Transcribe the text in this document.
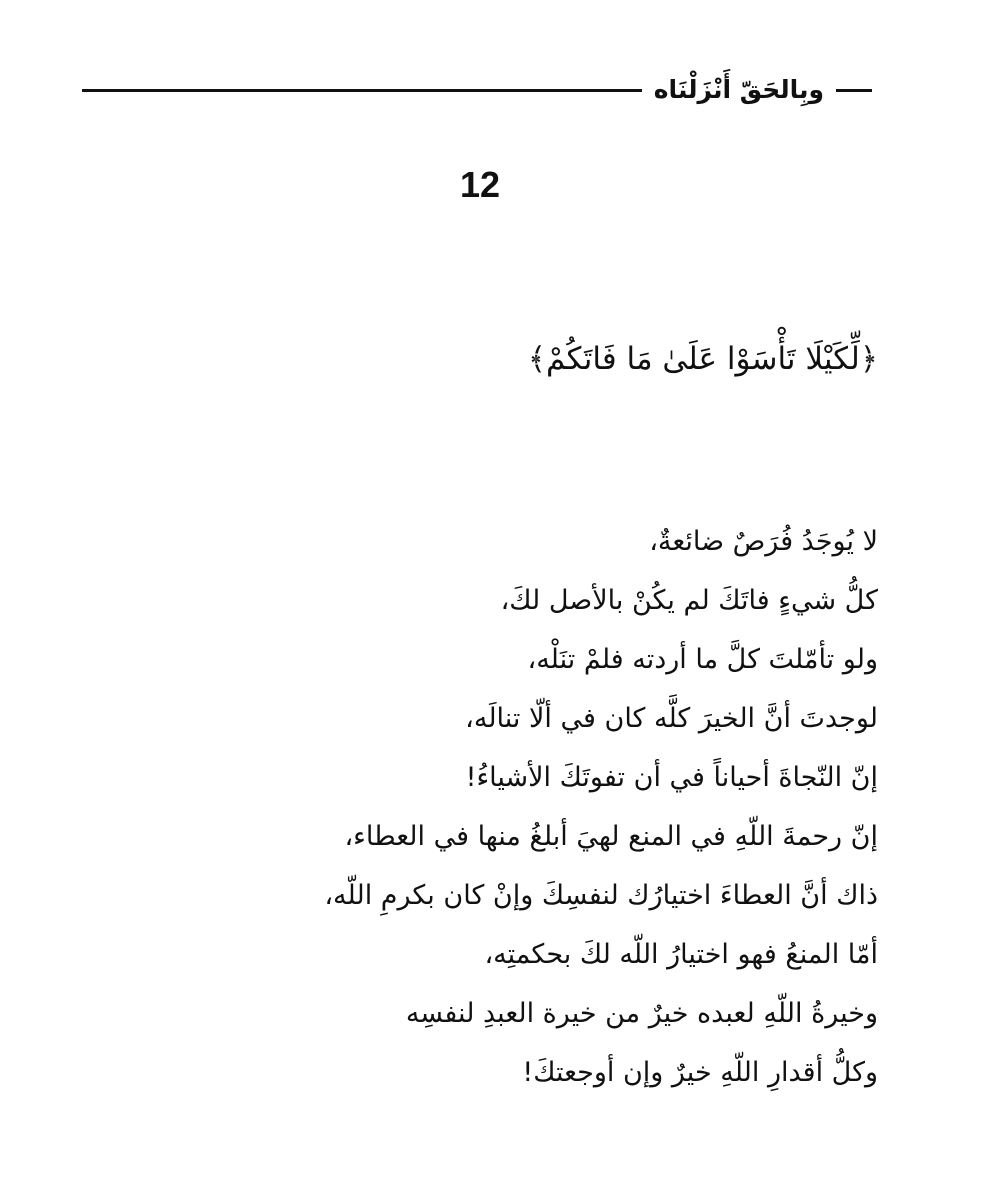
وبِالحَقّ أَنْزَلْنَاه
12
﴿لِّكَيْلَا تَأْسَوْا عَلَىٰ مَا فَاتَكُمْ﴾
لا يُوجَدُ فُرَصٌ ضائعةٌ،
كلُّ شيءٍ فاتَكَ لم يكُنْ بالأصل لكَ،
ولو تأمّلتَ كلَّ ما أردته فلمْ تنَلْه،
لوجدتَ أنَّ الخيرَ كلَّه كان في ألّا تنالَه،
إنّ النّجاةَ أحياناً في أن تفوتَكَ الأشياءُ!
إنّ رحمةَ اللّهِ في المنع لهيَ أبلغُ منها في العطاء،
ذاك أنَّ العطاءَ اختيارُك لنفسِكَ وإنْ كان بكرمِ اللّه،
أمّا المنعُ فهو اختيارُ اللّه لكَ بحكمتِه،
وخيرةُ اللّهِ لعبده خيرٌ من خيرة العبدِ لنفسِه
وكلُّ أقدارِ اللّهِ خيرٌ وإن أوجعتكَ!
